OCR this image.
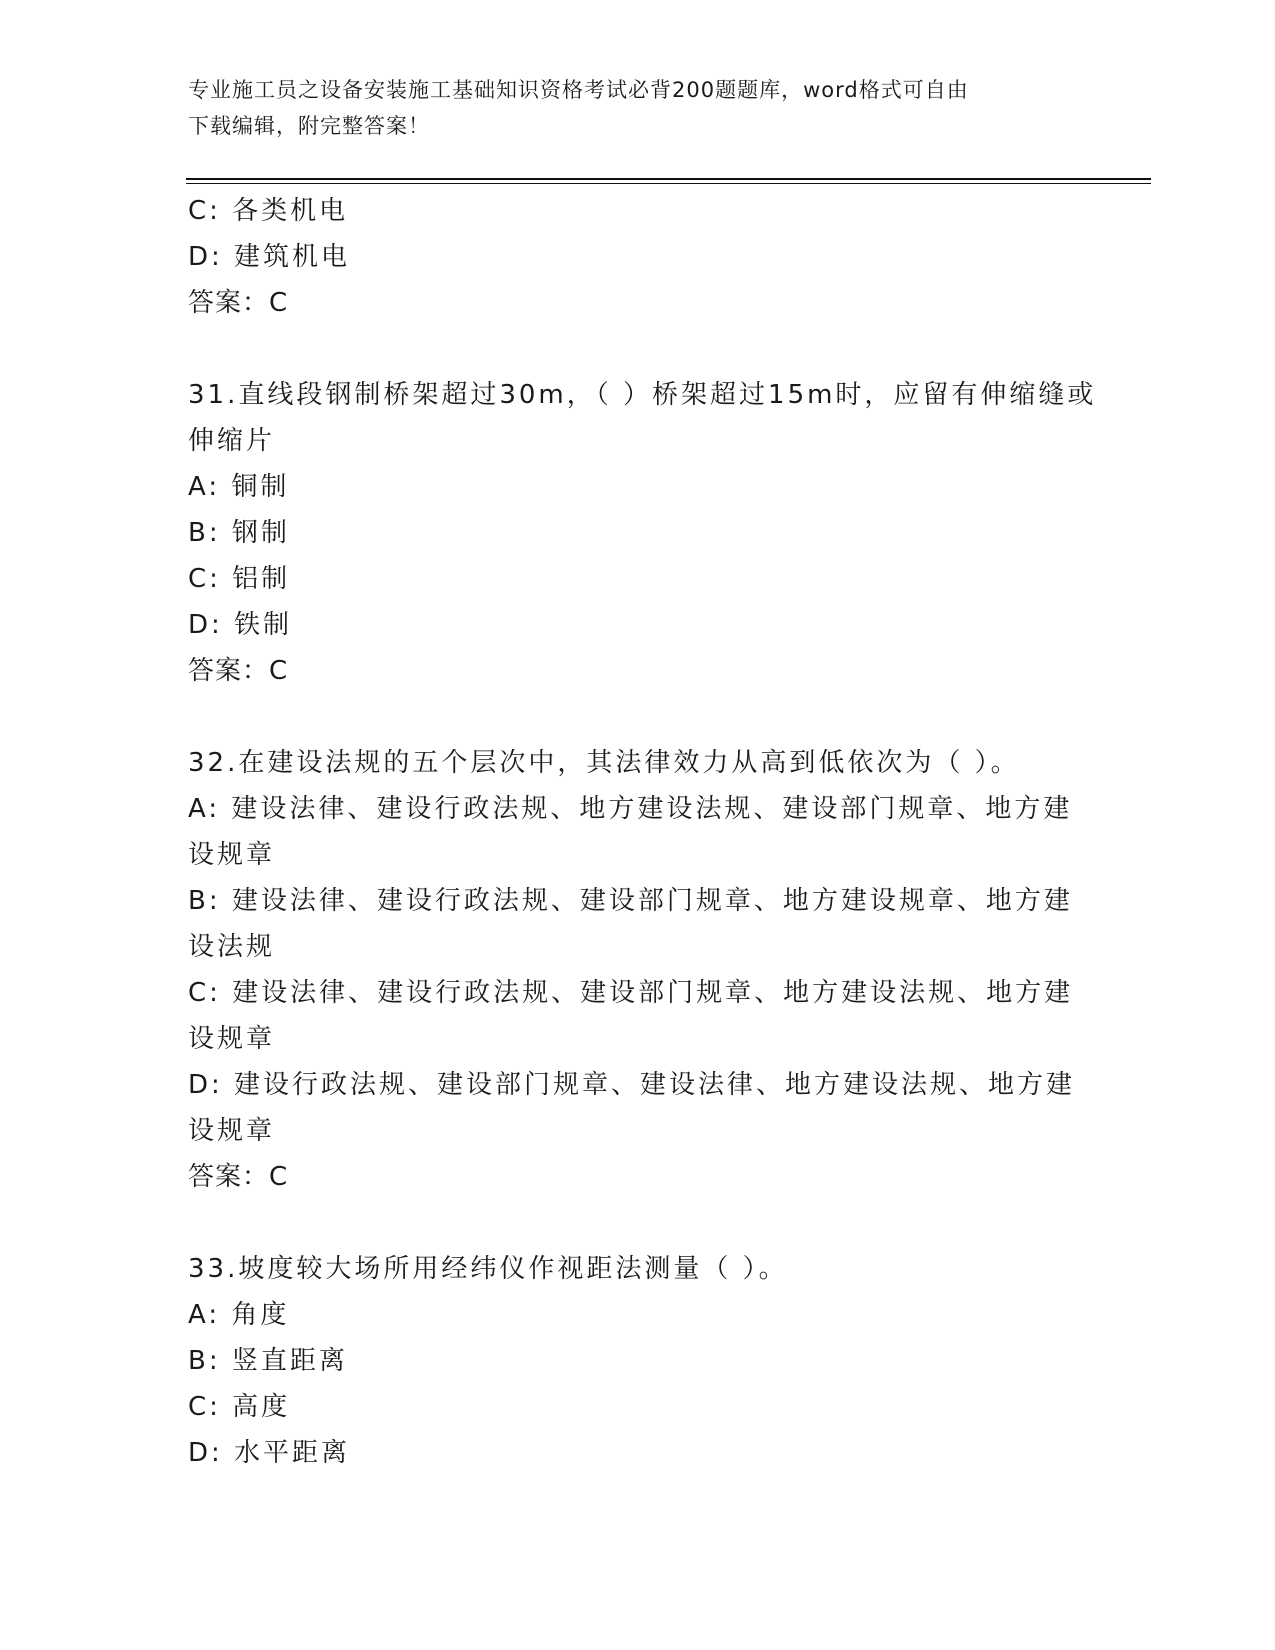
专业施工员之设备安装施工基础知识资格考试必背200题题库，word格式可自由
下载编辑，附完整答案！
C: 各类机电
D: 建筑机电
答案：C
31.直线段钢制桥架超过30m，（ ）桥架超过15m时，应留有伸缩缝或
伸缩片
A: 铜制
B: 钢制
C: 铝制
D: 铁制
答案：C
32.在建设法规的五个层次中，其法律效力从高到低依次为（ ）。
A: 建设法律、建设行政法规、地方建设法规、建设部门规章、地方建
设规章
B: 建设法律、建设行政法规、建设部门规章、地方建设规章、地方建
设法规
C: 建设法律、建设行政法规、建设部门规章、地方建设法规、地方建
设规章
D: 建设行政法规、建设部门规章、建设法律、地方建设法规、地方建
设规章
答案：C
33.坡度较大场所用经纬仪作视距法测量（ ）。
A: 角度
B: 竖直距离
C: 高度
D: 水平距离
